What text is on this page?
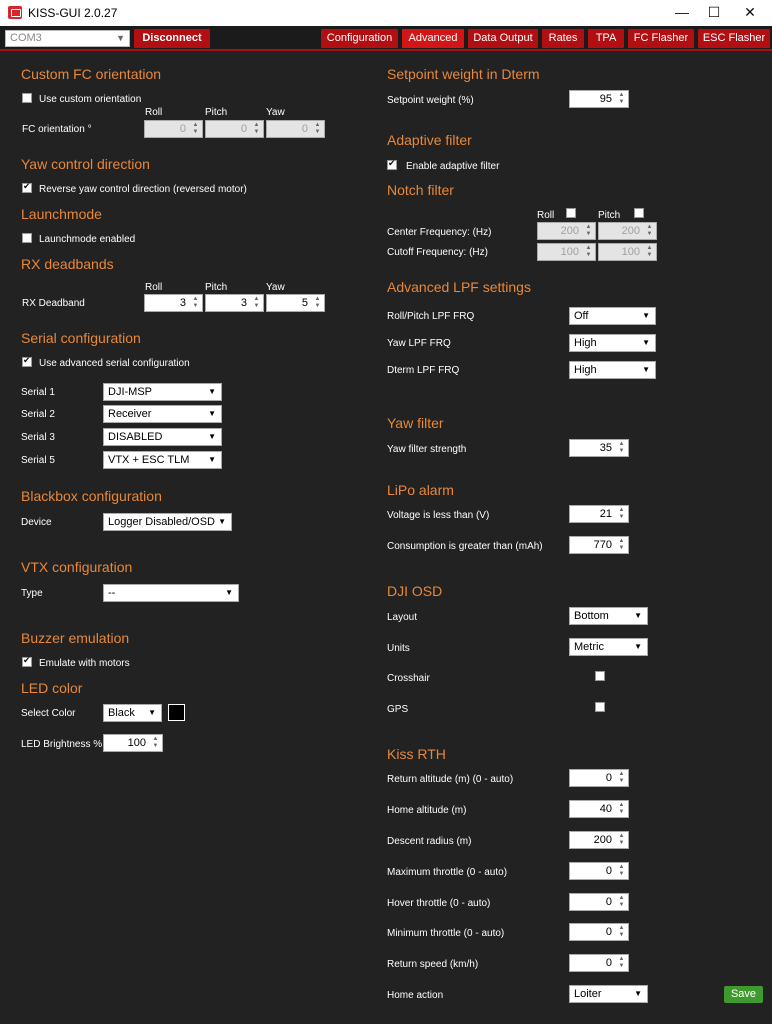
KISS-GUI 2.0.27	—	☐	✕
COM3	▼	Disconnect	Configuration	Advanced	Data Output	Rates	TPA	FC Flasher	ESC Flasher
Custom FC orientation
Use custom orientation
Roll	Pitch	Yaw
FC orientation °	0	▲
▼	0	▲
▼	0	▲
▼
Yaw control direction
✔
Reverse yaw control direction (reversed motor)
Launchmode
Launchmode enabled
RX deadbands
Roll	Pitch	Yaw
RX Deadband	3	▲
▼	3	▲
▼	5	▲
▼
Serial configuration
✔
Use advanced serial configuration
Serial 1	DJI-MSP	▼
Serial 2	Receiver	▼
Serial 3	DISABLED	▼
Serial 5	VTX + ESC TLM ▼
Blackbox configuration
Device	Logger Disabled/OSD ▼
VTX configuration
Type	--	▼
Buzzer emulation
✔
Emulate with motors
LED color
Select Color	Black ▼
LED Brightness %	100	▲
▼
Setpoint weight in Dterm
Setpoint weight (%)	95	▲
▼
Adaptive filter
✔
Enable adaptive filter
Notch filter
Roll	Pitch
Center Frequency: (Hz)	200	▲
▼	200	▲
▼
Cutoff Frequency: (Hz)	100	▲
▼	100	▲
▼
Advanced LPF settings
Roll/Pitch LPF FRQ	Off	▼
Yaw LPF FRQ	High	▼
Dterm LPF FRQ	High	▼
Yaw filter
Yaw filter strength	35	▲
▼
LiPo alarm
Voltage is less than (V)	21	▲
▼
Consumption is greater than (mAh)	770	▲
▼
DJI OSD
Layout	Bottom	▼
Units	Metric	▼
Crosshair
GPS
Kiss RTH
Return altitude (m) (0 - auto)	0	▲
▼
Home altitude (m)	40	▲
▼
Descent radius (m)	200	▲
▼
Maximum throttle (0 - auto)	0	▲
▼
Hover throttle (0 - auto)	0	▲
▼
Minimum throttle (0 - auto)	0	▲
▼
Return speed (km/h)	0	▲
▼
Home action	Loiter	▼	Save
